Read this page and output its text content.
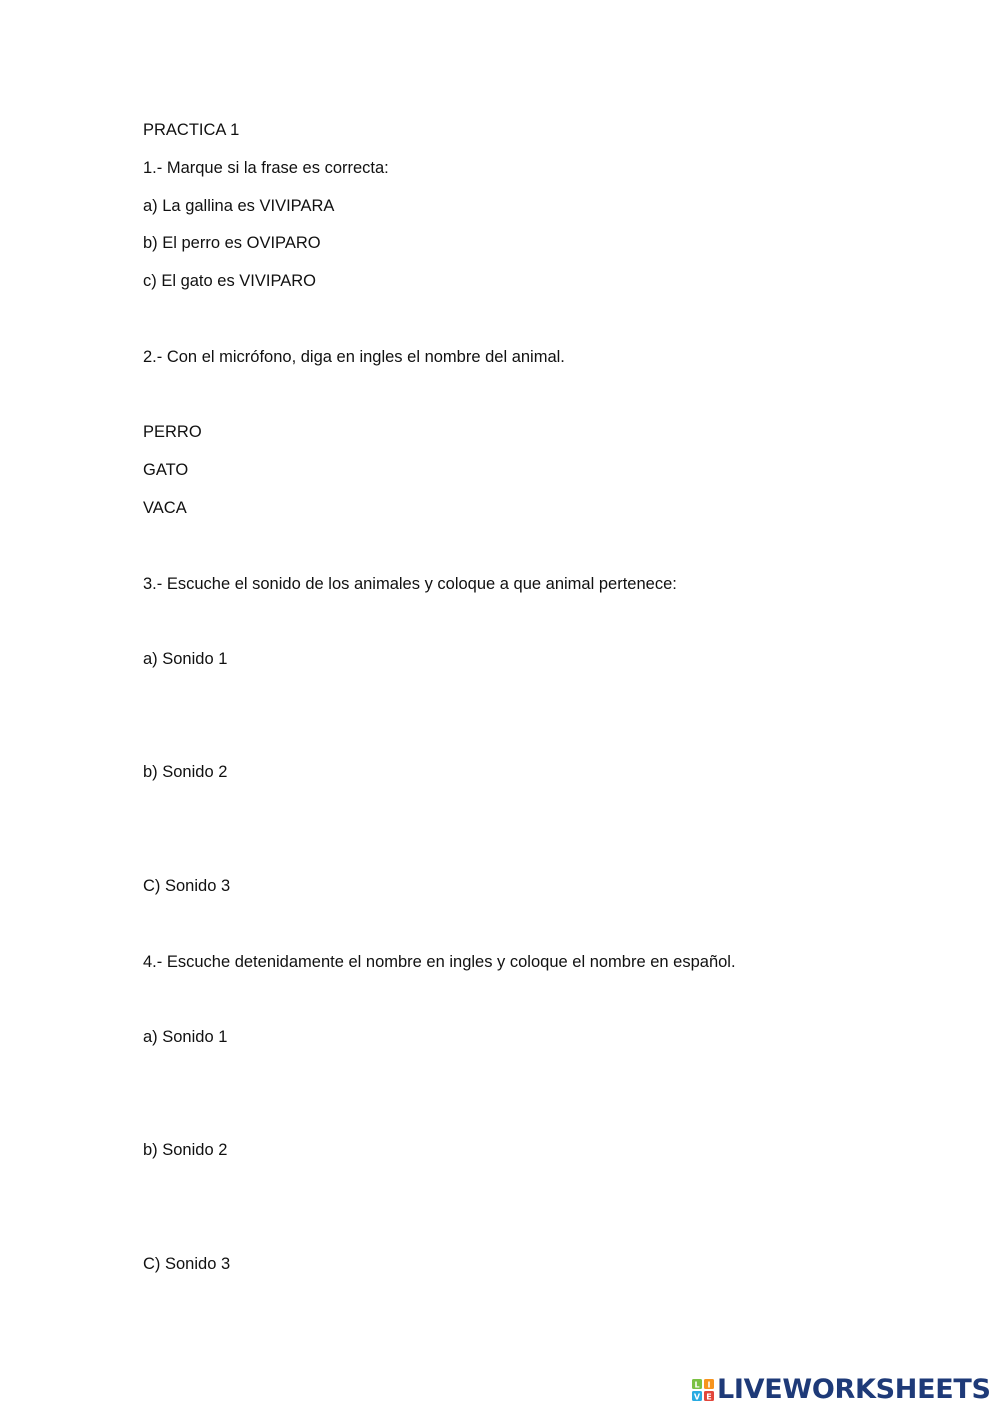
PRACTICA 1
1.- Marque si la frase es correcta:
a) La gallina es VIVIPARA
b) El perro es OVIPARO
c) El gato es VIVIPARO
2.- Con el micrófono, diga en ingles el nombre del animal.
PERRO
GATO
VACA
3.- Escuche el sonido de los animales y coloque a que animal pertenece:
a) Sonido 1
b) Sonido 2
C) Sonido 3
4.- Escuche detenidamente el nombre en ingles y coloque el nombre en español.
a) Sonido 1
b) Sonido 2
C) Sonido 3
L I
V E LIVEWORKSHEETS
